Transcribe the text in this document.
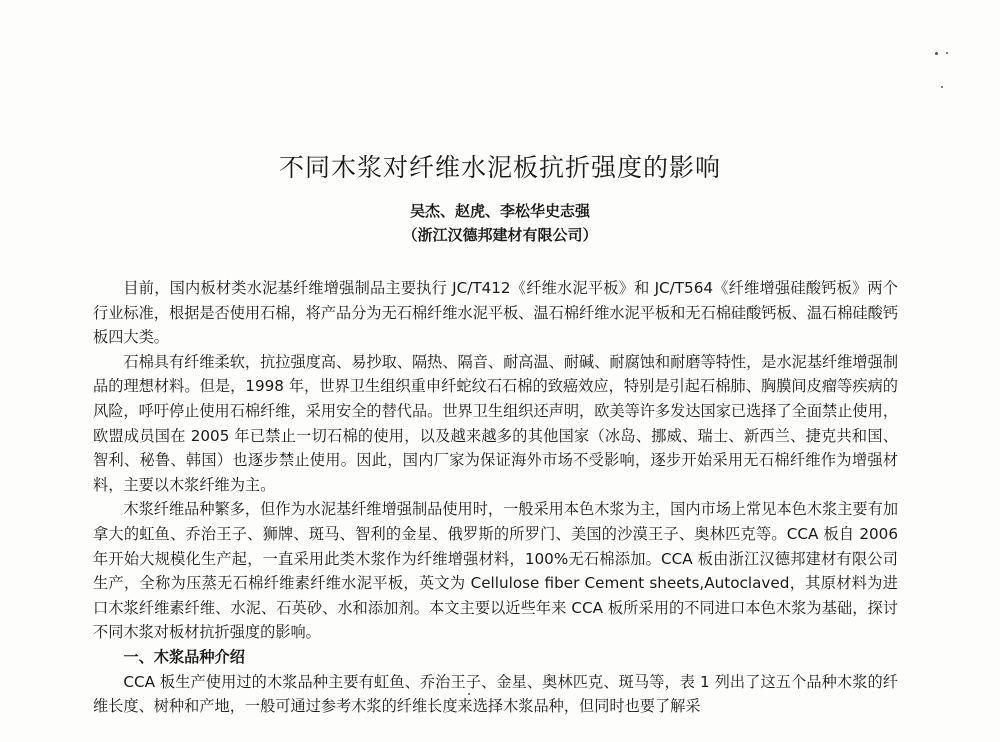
不同木浆对纤维水泥板抗折强度的影响
吴杰、赵虎、李松华史志强
（浙江汉德邦建材有限公司）

目前，国内板材类水泥基纤维增强制品主要执行 JC/T412《纤维水泥平板》和 JC/T564《纤维增强硅酸钙板》两个行业标准，根据是否使用石棉，将产品分为无石棉纤维水泥平板、温石棉纤维水泥平板和无石棉硅酸钙板、温石棉硅酸钙板四大类。

石棉具有纤维柔软，抗拉强度高、易抄取、隔热、隔音、耐高温、耐碱、耐腐蚀和耐磨等特性，是水泥基纤维增强制品的理想材料。但是，1998 年，世界卫生组织重申纤蛇纹石石棉的致癌效应，特别是引起石棉肺、胸膜间皮瘤等疾病的风险，呼吁停止使用石棉纤维，采用安全的替代品。世界卫生组织还声明，欧美等许多发达国家已选择了全面禁止使用，欧盟成员国在 2005 年已禁止一切石棉的使用，以及越来越多的其他国家（冰岛、挪威、瑞士、新西兰、捷克共和国、智利、秘鲁、韩国）也逐步禁止使用。因此，国内厂家为保证海外市场不受影响，逐步开始采用无石棉纤维作为增强材料，主要以木浆纤维为主。

木浆纤维品种繁多，但作为水泥基纤维增强制品使用时，一般采用本色木浆为主，国内市场上常见本色木浆主要有加拿大的虹鱼、乔治王子、狮牌、斑马、智利的金星、俄罗斯的所罗门、美国的沙漠王子、奥林匹克等。CCA 板自 2006 年开始大规模化生产起，一直采用此类木浆作为纤维增强材料，100%无石棉添加。CCA 板由浙江汉德邦建材有限公司生产，全称为压蒸无石棉纤维素纤维水泥平板，英文为 Cellulose fiber Cement sheets,Autoclaved，其原材料为进口木浆纤维素纤维、水泥、石英砂、水和添加剂。本文主要以近些年来 CCA 板所采用的不同进口本色木浆为基础，探讨不同木浆对板材抗折强度的影响。

一、木浆品种介绍

CCA 板生产使用过的木浆品种主要有虹鱼、乔治王子、金星、奥林匹克、斑马等，表 1 列出了这五个品种木浆的纤维长度、树种和产地，一般可通过参考木浆的纤维长度来选择木浆品种，但同时也要了解采
